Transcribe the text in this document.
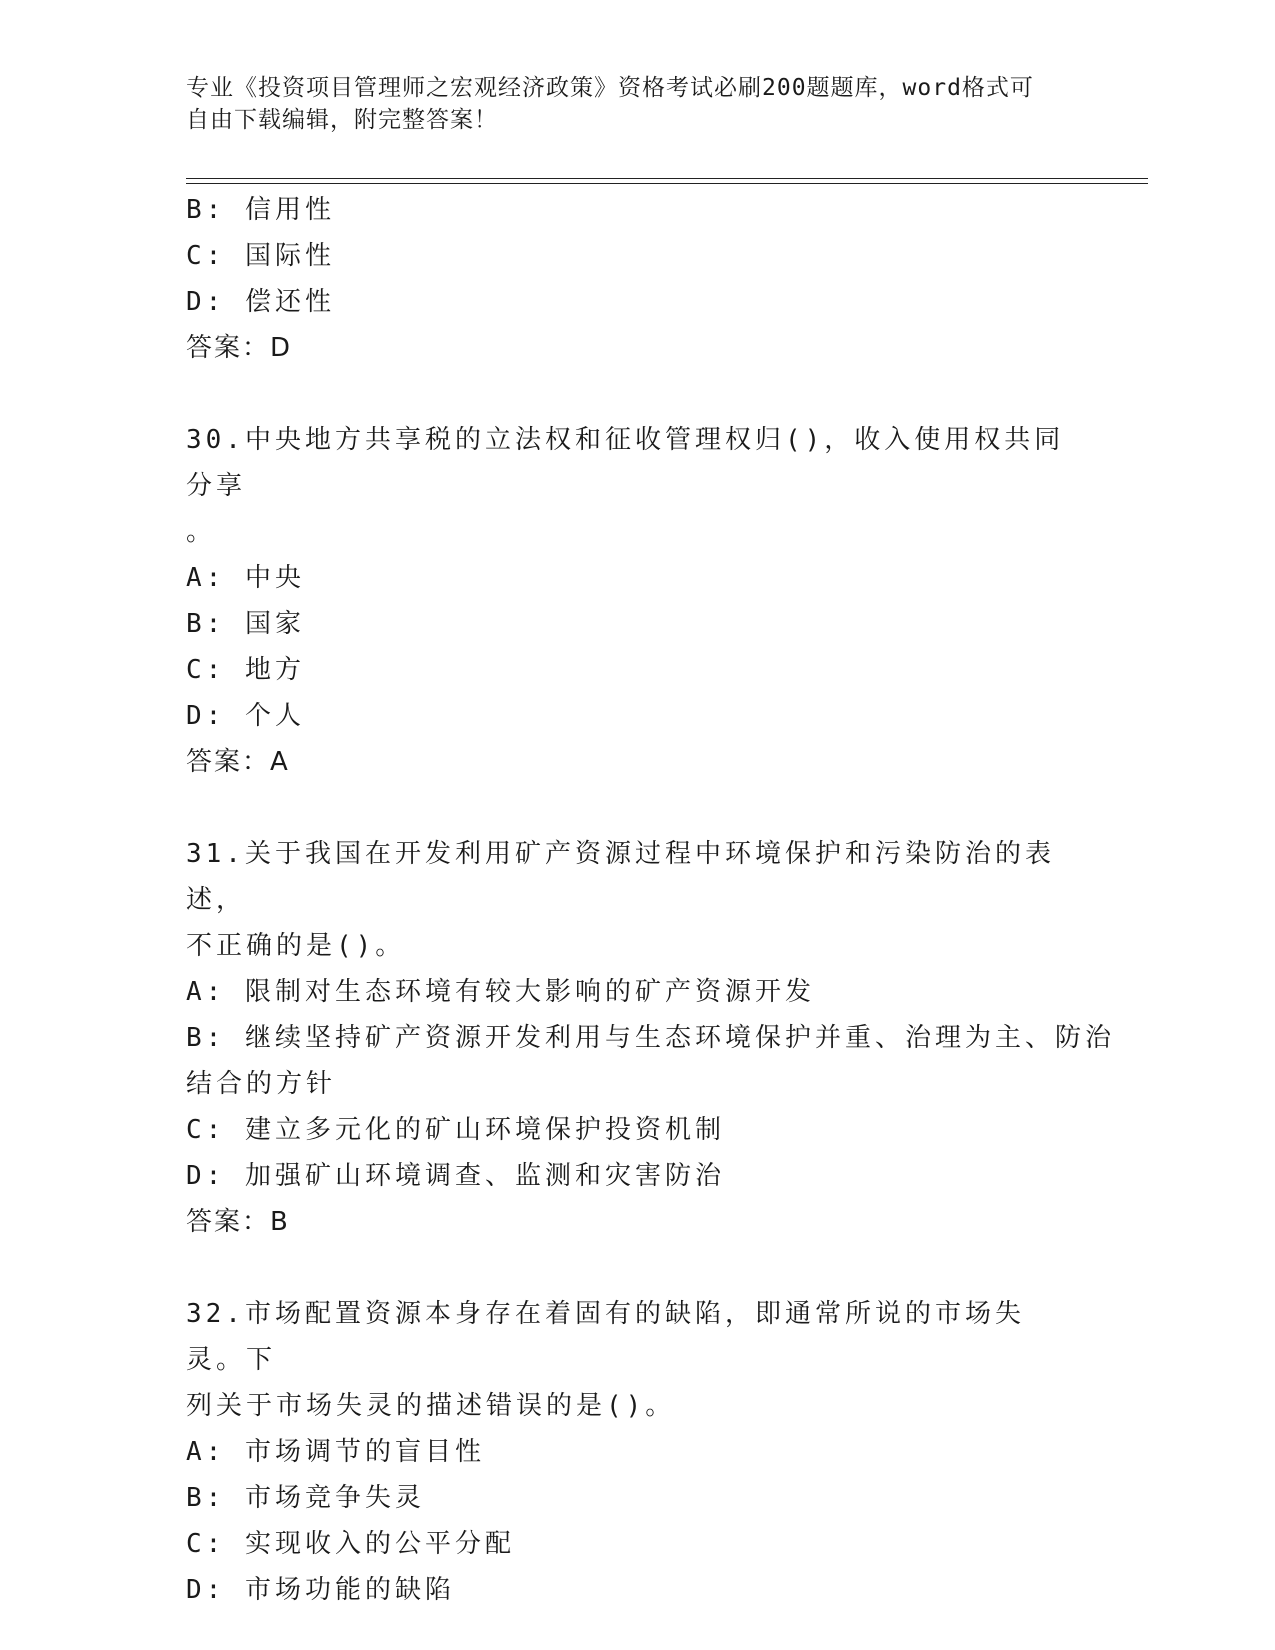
专业《投资项目管理师之宏观经济政策》资格考试必刷200题题库，word格式可
自由下载编辑，附完整答案！
B: 信用性
C: 国际性
D: 偿还性
答案：D
30.中央地方共享税的立法权和征收管理权归()，收入使用权共同分享
。
A: 中央
B: 国家
C: 地方
D: 个人
答案：A
31.关于我国在开发利用矿产资源过程中环境保护和污染防治的表述，
不正确的是()。
A: 限制对生态环境有较大影响的矿产资源开发
B: 继续坚持矿产资源开发利用与生态环境保护并重、治理为主、防治
结合的方针
C: 建立多元化的矿山环境保护投资机制
D: 加强矿山环境调查、监测和灾害防治
答案：B
32.市场配置资源本身存在着固有的缺陷，即通常所说的市场失灵。下
列关于市场失灵的描述错误的是()。
A: 市场调节的盲目性
B: 市场竞争失灵
C: 实现收入的公平分配
D: 市场功能的缺陷
